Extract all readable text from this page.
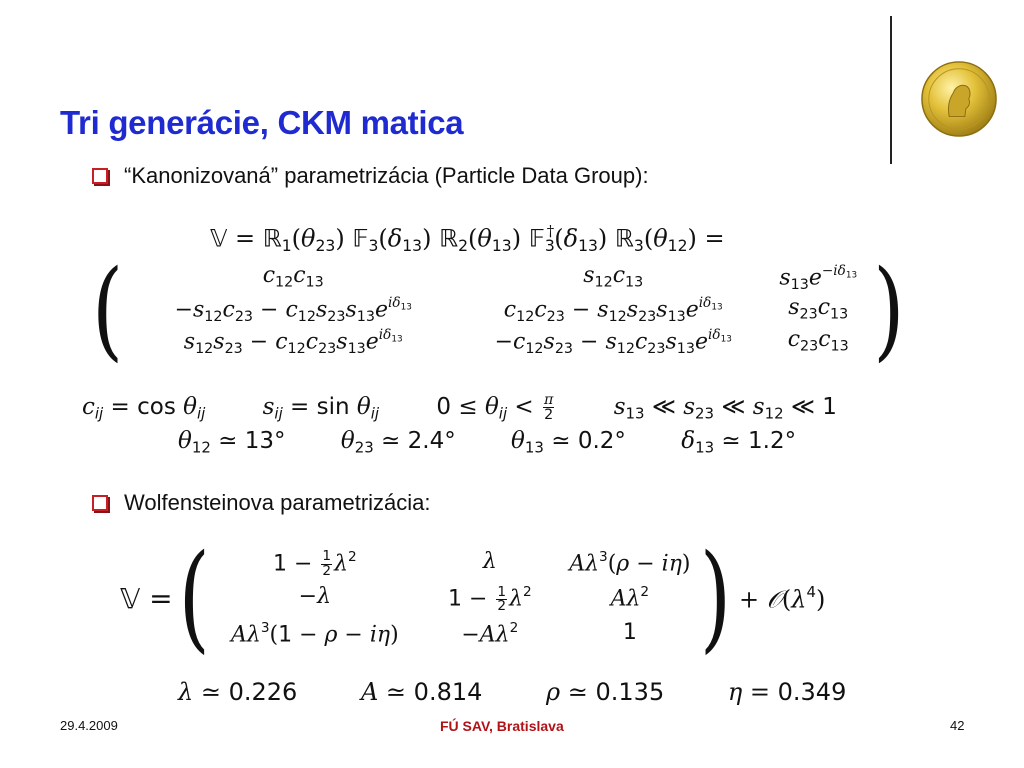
Tri generácie, CKM matica
“Kanonizovaná” parametrizácia (Particle Data Group):
𝕍 = $ℝ_1(\theta_{23})$ $𝔽_3(\delta_{13})$ $ℝ_2(\theta_{13})$ $𝔽_3^\dagger(\delta_{13})$ $ℝ_3(\theta_{12})$ =
(	$c_{12}c_{13}$	$s_{12}c_{13}$	$s_{13}e^{-i\delta_{13}}$
$-s_{12}c_{23} - c_{12}s_{23}s_{13}e^{i\delta_{13}}$	$c_{12}c_{23} - s_{12}s_{23}s_{13}e^{i\delta_{13}}$	$s_{23}c_{13}$
$s_{12}s_{23} - c_{12}c_{23}s_{13}e^{i\delta_{13}}$	$-c_{12}s_{23} - s_{12}c_{23}s_{13}e^{i\delta_{13}}$	$c_{23}c_{13}$ )
$c_{ij} = \cos \theta_{ij}$ $s_{ij} = \sin \theta_{ij}$ $0 \le \theta_{ij} < \frac{\pi}{2}$	$s_{13}$ ≪ $s_{23}$ ≪ $s_{12}$ ≪ 1
$\theta_{12}$ ≃ 13° $\theta_{23}$ ≃ 2.4° $\theta_{13}$ ≃ 0.2° $\delta_{13}$ ≃ 1.2°
Wolfensteinova parametrizácia:
𝕍 = (	$1 - \frac{1}{2} \lambda^2$	λ	$A\lambda^3(\rho - i\eta)$
−λ	$1 - \frac{1}{2} \lambda^2$	$A\lambda^2$
$A\lambda^3(1 - \rho - i\eta)$	$-A\lambda^2$	1 ) + $𝒪(\lambda^4)$
λ ≃ 0.226	A ≃ 0.814	ρ ≃ 0.135	η = 0.349
29.4.2009	FÚ SAV, Bratislava	42
